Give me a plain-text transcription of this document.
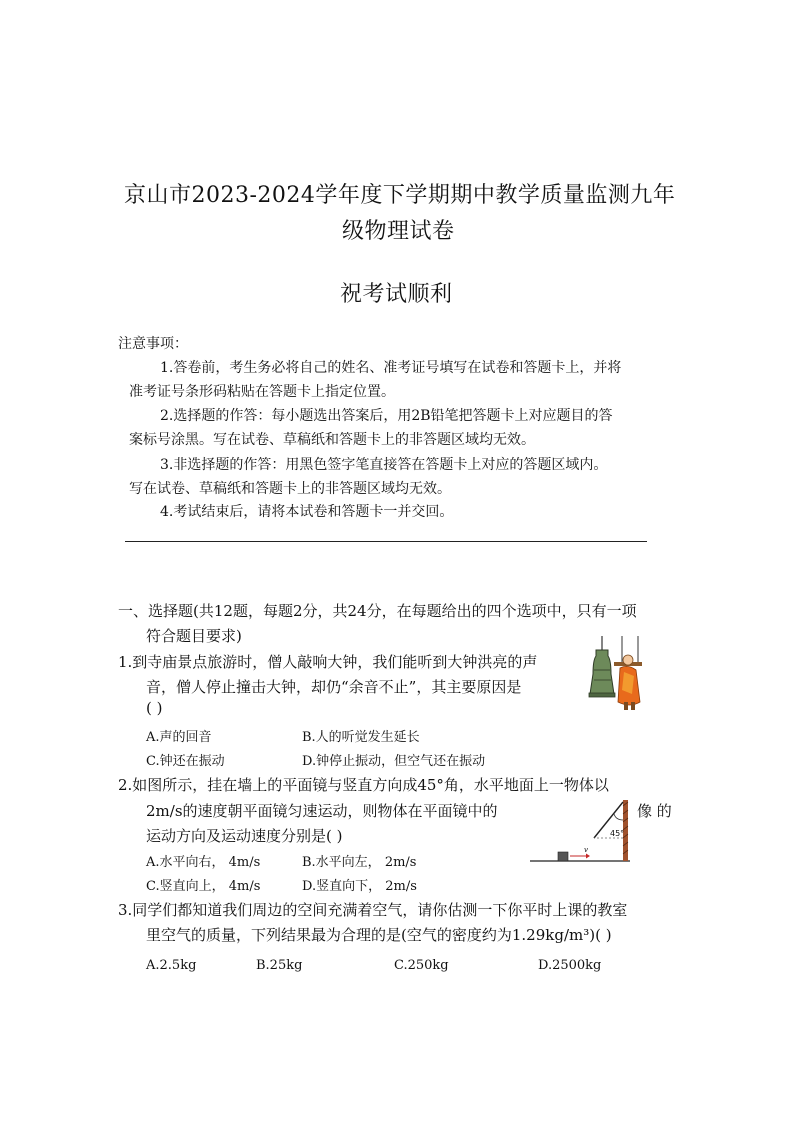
京山市2023-2024学年度下学期期中教学质量监测九年
级物理试卷
祝考试顺利
注意事项：
1.答卷前，考生务必将自己的姓名、准考证号填写在试卷和答题卡上，并将
准考证号条形码粘贴在答题卡上指定位置。
2.选择题的作答：每小题选出答案后，用2B铅笔把答题卡上对应题目的答
案标号涂黑。写在试卷、草稿纸和答题卡上的非答题区域均无效。
3.非选择题的作答：用黑色签字笔直接答在答题卡上对应的答题区域内。
写在试卷、草稿纸和答题卡上的非答题区域均无效。
4.考试结束后，请将本试卷和答题卡一并交回。
一、选择题(共12题，每题2分，共24分，在每题给出的四个选项中，只有一项
符合题目要求)
1.到寺庙景点旅游时，僧人敲响大钟，我们能听到大钟洪亮的声
音，僧人停止撞击大钟，却仍“余音不止”，其主要原因是
( )
A.声的回音	B.人的听觉发生延长
C.钟还在振动	D.钟停止振动，但空气还在振动
2.如图所示，挂在墙上的平面镜与竖直方向成45°角，水平地面上一物体以
2m/s的速度朝平面镜匀速运动，则物体在平面镜中的	像 的
运动方向及运动速度分别是( )
A.水平向右， 4m/s	B.水平向左， 2m/s
C.竖直向上， 4m/s	D.竖直向下， 2m/s
45°
v
3.同学们都知道我们周边的空间充满着空气，请你估测一下你平时上课的教室
里空气的质量，下列结果最为合理的是(空气的密度约为1.29kg/m³)( )
A.2.5kg	B.25kg	C.250kg	D.2500kg
